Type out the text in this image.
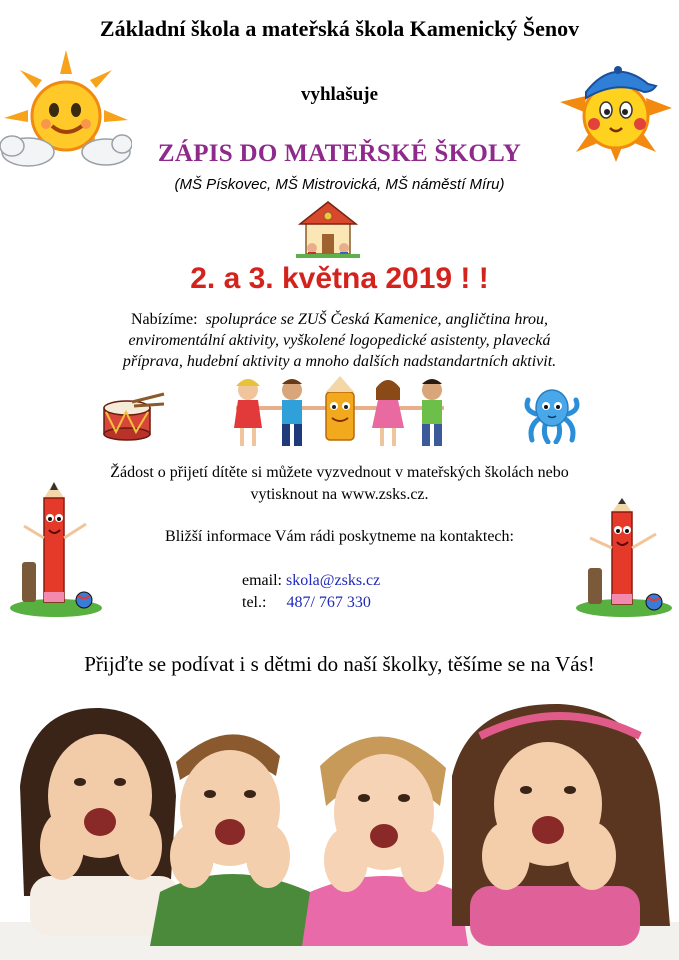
Základní škola a mateřská škola Kamenický Šenov
vyhlašuje
ZÁPIS DO MATEŘSKÉ ŠKOLY
(MŠ Pískovec, MŠ Mistrovická, MŠ náměstí Míru)
2. a 3. května 2019 ! !
Nabízíme: spolupráce se ZUŠ Česká Kamenice, angličtina hrou,
enviromentální aktivity, vyškolené logopedické asistenty, plavecká
příprava, hudební aktivity a mnoho dalších nadstandartních aktivit.
Žádost o přijetí dítěte si můžete vyzvednout v mateřských školách nebo
vytisknout na www.zsks.cz.
Bližší informace Vám rádi poskytneme na kontaktech:
email: skola@zsks.cz
tel.: 487/ 767 330
Přijďte se podívat i s dětmi do naší školky, těšíme se na Vás!
